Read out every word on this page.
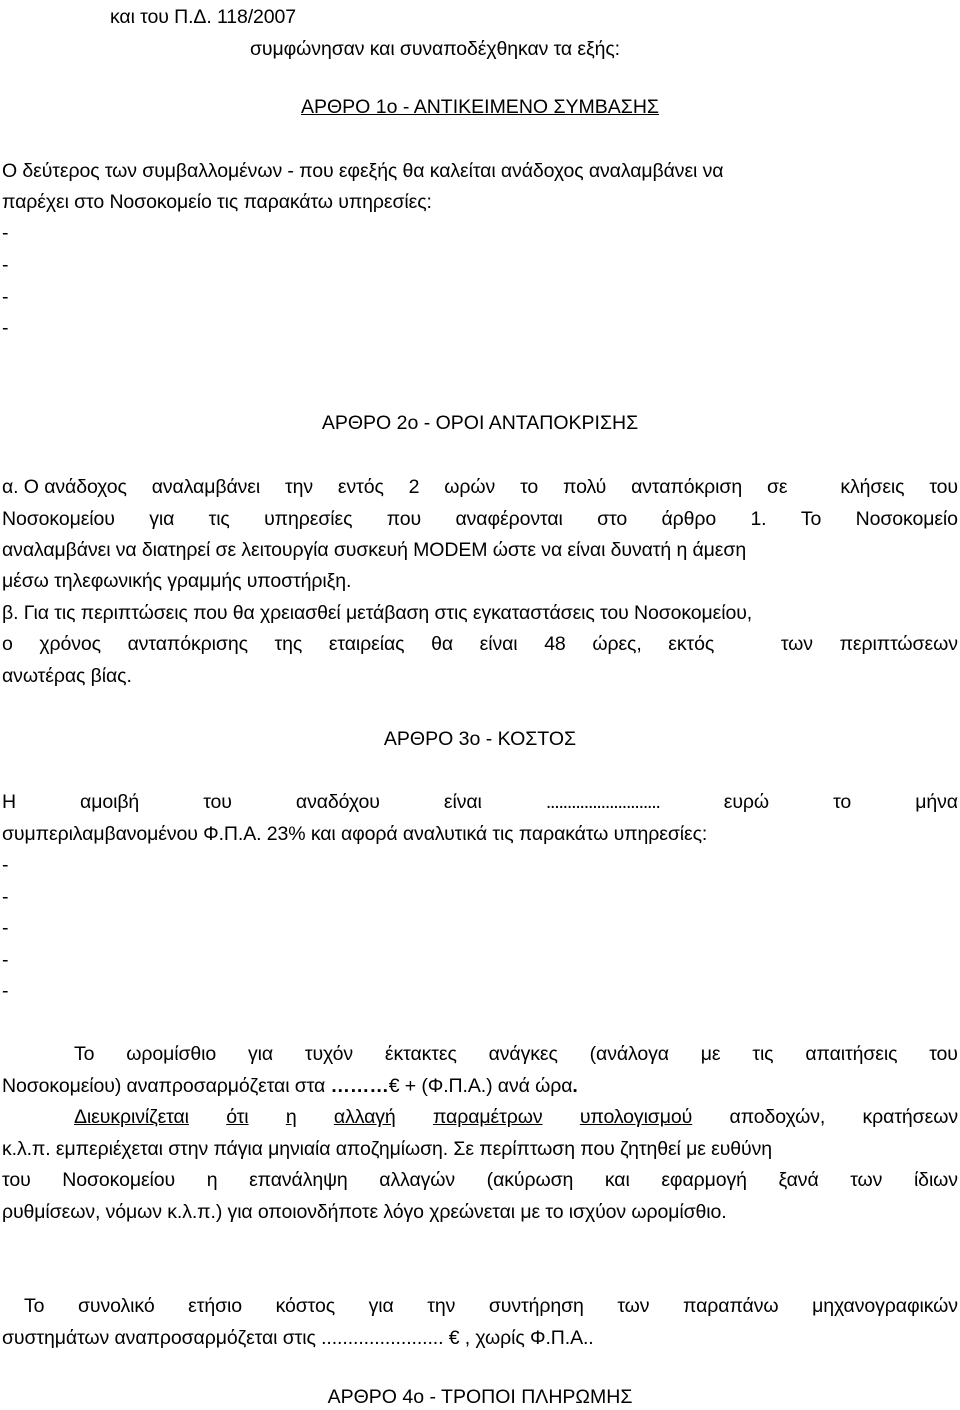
και του Π.Δ. 118/2007
συμφώνησαν και συναποδέχθηκαν τα εξής:
ΑΡΘΡΟ 1ο - ΑΝΤΙΚΕΙΜΕΝΟ ΣΥΜΒΑΣΗΣ
Ο δεύτερος των συμβαλλομένων - που εφεξής θα καλείται ανάδοχος αναλαμβάνει να
παρέχει στο Νοσοκομείο τις παρακάτω υπηρεσίες:
-
-
-
-
ΑΡΘΡΟ 2ο - ΟΡΟΙ ΑΝΤΑΠΟΚΡΙΣΗΣ
α. Ο ανάδοχος αναλαμβάνει την εντός 2 ωρών το πολύ ανταπόκριση σε	κλήσεις του
Νοσοκομείου για τις υπηρεσίες που αναφέρονται στο άρθρο 1. Το Νοσοκομείο
αναλαμβάνει να διατηρεί σε λειτουργία συσκευή MODEM ώστε να είναι δυνατή η άμεση
μέσω τηλεφωνικής γραμμής υποστήριξη.
β. Για τις περιπτώσεις που θα χρειασθεί μετάβαση στις εγκαταστάσεις του Νοσοκομείου,
ο χρόνος ανταπόκρισης της εταιρείας θα είναι 48 ώρες, εκτός	των περιπτώσεων
ανωτέρας βίας.
ΑΡΘΡΟ 3ο - ΚΟΣΤΟΣ
Η	αμοιβή	του	αναδόχου	είναι	...........................	ευρώ	το	μήνα
συμπεριλαμβανομένου Φ.Π.Α. 23% και αφορά αναλυτικά τις παρακάτω υπηρεσίες:
-
-
-
-
-
Το ωρομίσθιο για τυχόν έκτακτες ανάγκες (ανάλογα με τις απαιτήσεις του
Νοσοκομείου) αναπροσαρμόζεται στα ………€ + (Φ.Π.Α.) ανά ώρα.
Διευκρινίζεται ότι η αλλαγή παραμέτρων υπολογισμού αποδοχών, κρατήσεων
κ.λ.π. εμπεριέχεται στην πάγια μηνιαία αποζημίωση. Σε περίπτωση που ζητηθεί με ευθύνη
του Νοσοκομείου η επανάληψη αλλαγών (ακύρωση και εφαρμογή ξανά των ίδιων
ρυθμίσεων, νόμων κ.λ.π.) για οποιονδήποτε λόγο χρεώνεται με το ισχύον ωρομίσθιο.
Το συνολικό ετήσιο κόστος για την συντήρηση των παραπάνω μηχανογραφικών
συστημάτων αναπροσαρμόζεται στις ....................... € , χωρίς Φ.Π.Α..
ΑΡΘΡΟ 4ο - ΤΡΟΠΟΙ ΠΛΗΡΩΜΗΣ
